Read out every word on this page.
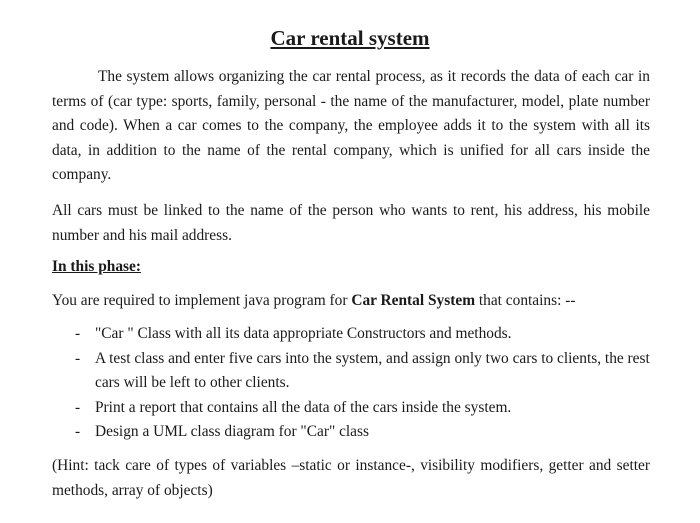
Car rental system

The system allows organizing the car rental process, as it records the data of each car in terms of (car type: sports, family, personal - the name of the manufacturer, model, plate number and code). When a car comes to the company, the employee adds it to the system with all its data, in addition to the name of the rental company, which is unified for all cars inside the company.

All cars must be linked to the name of the person who wants to rent, his address, his mobile number and his mail address.

In this phase:

You are required to implement java program for Car Rental System that contains: --

- "Car " Class with all its data appropriate Constructors and methods.
- A test class and enter five cars into the system, and assign only two cars to clients, the rest cars will be left to other clients.
- Print a report that contains all the data of the cars inside the system.
- Design a UML class diagram for "Car" class

(Hint: tack care of types of variables –static or instance-, visibility modifiers, getter and setter methods, array of objects)
